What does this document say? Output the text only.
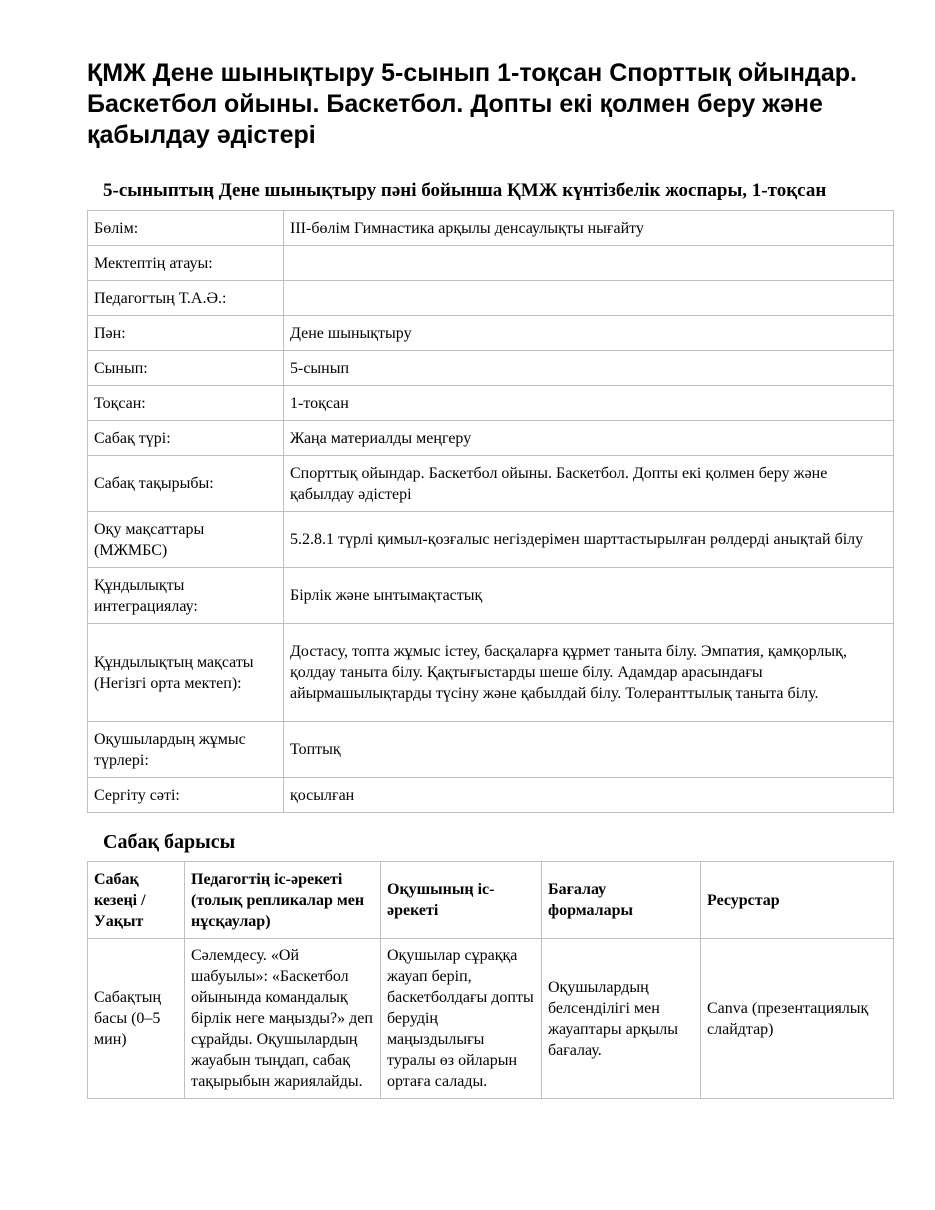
ҚМЖ Дене шынықтыру 5-сынып 1-тоқсан Спорттық ойындар. Баскетбол ойыны. Баскетбол. Допты екі қолмен беру және қабылдау әдістері
5-сыныптың Дене шынықтыру пәні бойынша ҚМЖ күнтізбелік жоспары, 1-тоқсан
Бөлім:	ІІІ-бөлім Гимнастика арқылы денсаулықты нығайту
Мектептің атауы:	
Педагогтың Т.А.Ә.:	
Пән:	Дене шынықтыру
Сынып:	5-сынып
Тоқсан:	1-тоқсан
Сабақ түрі:	Жаңа материалды меңгеру
Сабақ тақырыбы:	Спорттық ойындар. Баскетбол ойыны. Баскетбол. Допты екі қолмен беру және қабылдау әдістері
Оқу мақсаттары (МЖМБС)	5.2.8.1 түрлі қимыл-қозғалыс негіздерімен шарттастырылған рөлдерді анықтай білу
Құндылықты интеграциялау:	Бірлік және ынтымақтастық
Құндылықтың мақсаты (Негізгі орта мектеп):	Достасу, топта жұмыс істеу, басқаларға құрмет таныта білу. Эмпатия, қамқорлық, қолдау таныта білу. Қақтығыстарды шеше білу. Адамдар арасындағы айырмашылықтарды түсіну және қабылдай білу. Толеранттылық таныта білу.
Оқушылардың жұмыс түрлері:	Топтық
Сергіту сәті:	қосылған
Сабақ барысы
Сабақ кезеңі / Уақыт	Педагогтің іс-әрекеті (толық репликалар мен нұсқаулар)	Оқушының іс-әрекеті	Бағалау формалары	Ресурстар
Сабақтың басы (0–5 мин)	Сәлемдесу. «Ой шабуылы»: «Баскетбол ойынында командалық бірлік неге маңызды?» деп сұрайды. Оқушылардың жауабын тыңдап, сабақ тақырыбын жариялайды.	Оқушылар сұраққа жауап беріп, баскетболдағы допты берудің маңыздылығы туралы өз ойларын ортаға салады.	Оқушылардың белсенділігі мен жауаптары арқылы бағалау.	Canva (презентациялық слайдтар)
